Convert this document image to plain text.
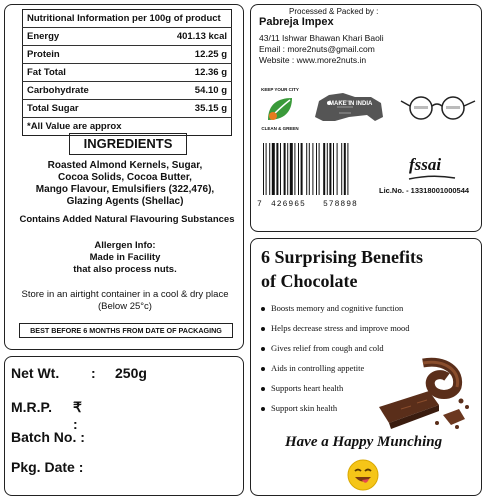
Nutritional Information per 100g of product	
Energy	401.13 kcal
Protein	12.25 g
Fat Total	12.36 g
Carbohydrate	54.10 g
Total Sugar	35.15 g
*All Value are approx	
INGREDIENTS
Roasted Almond Kernels, Sugar,
Cocoa Solids, Cocoa Butter,
Mango Flavour, Emulsifiers (322,476),
Glazing Agents (Shellac)
Contains Added Natural Flavouring Substances
Allergen Info:
Made in Facility
that also process nuts.
Store in an airtight container in a cool & dry place
(Below 25°c)
BEST BEFORE 6 MONTHS FROM DATE OF PACKAGING
Processed & Packed by :
Pabreja Impex
43/11 Ishwar Bhawan Khari Baoli
Email : more2nuts@gmail.com
Website : www.more2nuts.in
KEEP YOUR CITY
CLEAN & GREEN
MAKE IN INDIA
7 426965 578898
fssai
Lic.No. - 13318001000544
Net Wt. : 250g
M.R.P. ₹ :
Batch No. :
Pkg. Date :
6 Surprising Benefits
of Chocolate
Boosts memory and cognitive function
Helps decrease stress and improve mood
Gives relief from cough and cold
Aids in controlling appetite
Supports heart health
Support skin health
Have a Happy Munching
